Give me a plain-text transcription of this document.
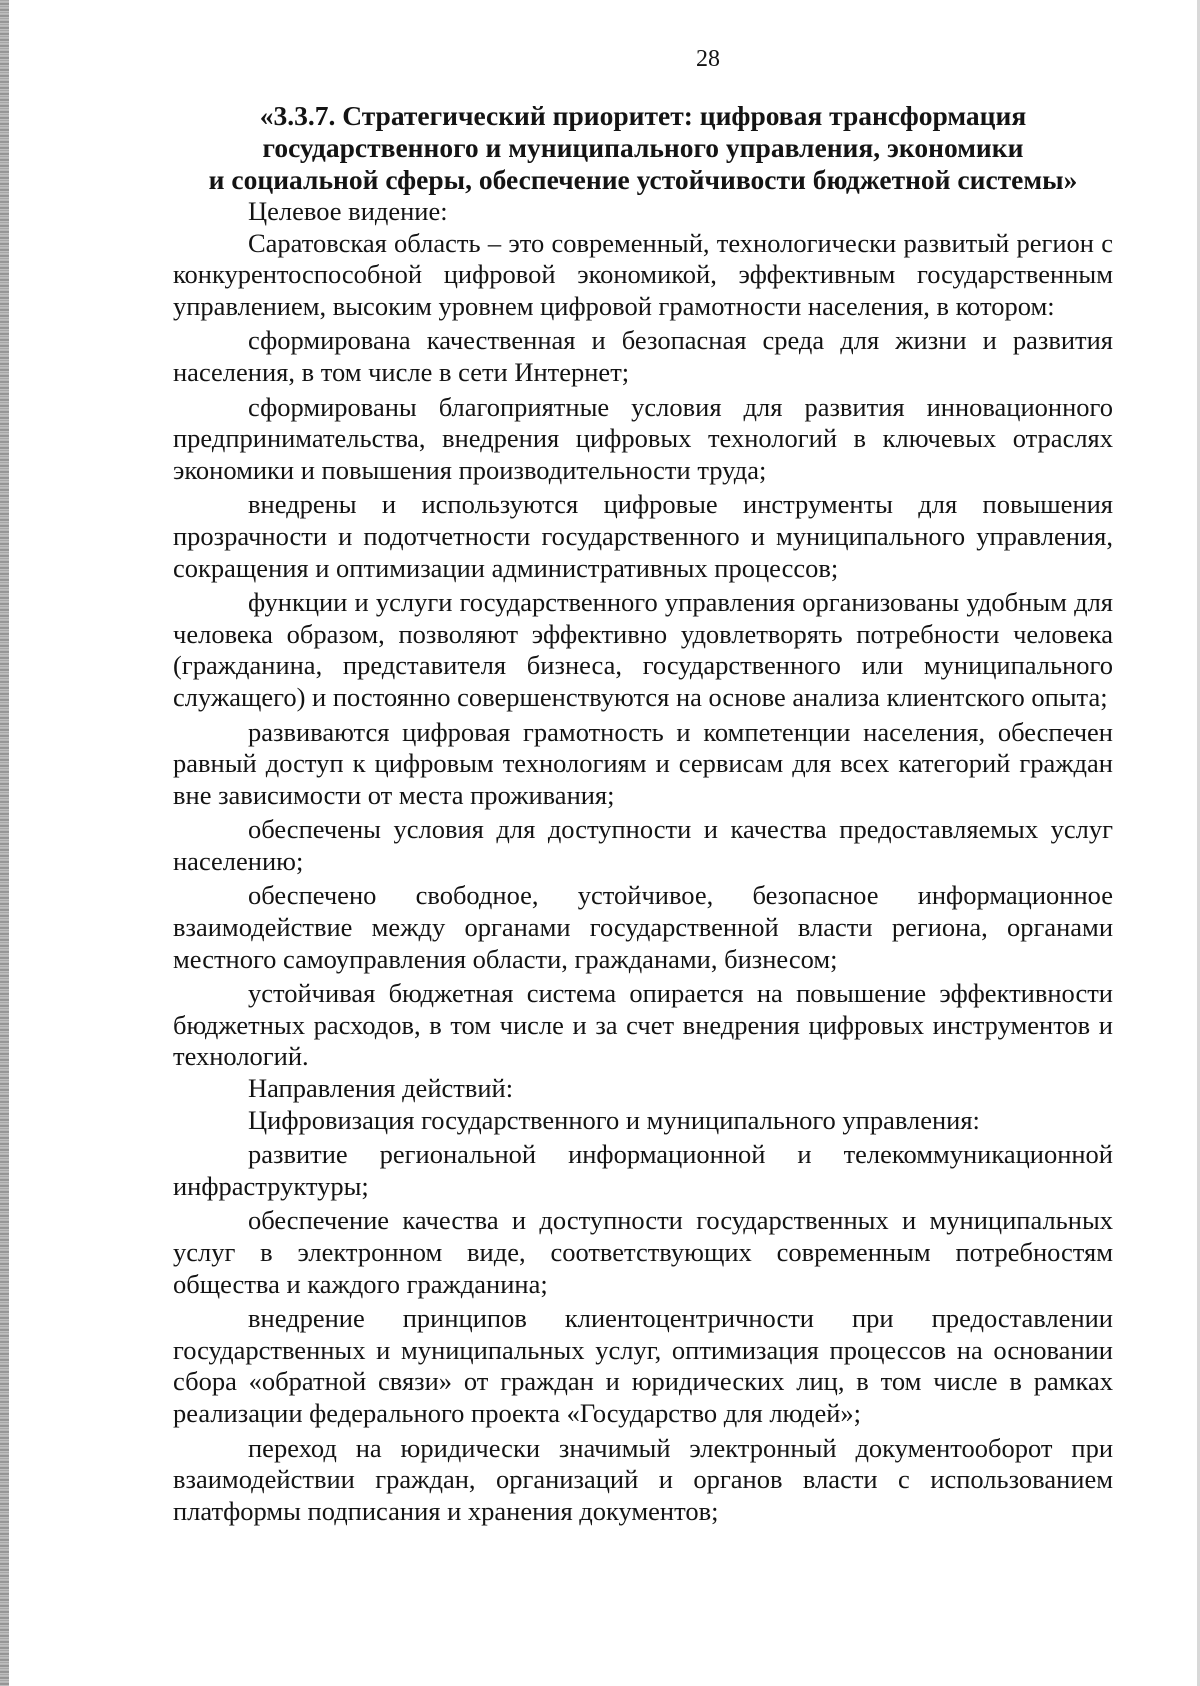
28
«3.3.7. Стратегический приоритет: цифровая трансформация
государственного и муниципального управления, экономики
и социальной сферы, обеспечение устойчивости бюджетной системы»

Целевое видение:

Саратовская область – это современный, технологически развитый регион с конкурентоспособной цифровой экономикой, эффективным государственным управлением, высоким уровнем цифровой грамотности населения, в котором:

сформирована качественная и безопасная среда для жизни и развития населения, в том числе в сети Интернет;

сформированы благоприятные условия для развития инновационного предпринимательства, внедрения цифровых технологий в ключевых отраслях экономики и повышения производительности труда;

внедрены и используются цифровые инструменты для повышения прозрачности и подотчетности государственного и муниципального управления, сокращения и оптимизации административных процессов;

функции и услуги государственного управления организованы удобным для человека образом, позволяют эффективно удовлетворять потребности человека (гражданина, представителя бизнеса, государственного или муниципального служащего) и постоянно совершенствуются на основе анализа клиентского опыта;

развиваются цифровая грамотность и компетенции населения, обеспечен равный доступ к цифровым технологиям и сервисам для всех категорий граждан вне зависимости от места проживания;

обеспечены условия для доступности и качества предоставляемых услуг населению;

обеспечено свободное, устойчивое, безопасное информационное взаимодействие между органами государственной власти региона, органами местного самоуправления области, гражданами, бизнесом;

устойчивая бюджетная система опирается на повышение эффективности бюджетных расходов, в том числе и за счет внедрения цифровых инструментов и технологий.

Направления действий:

Цифровизация государственного и муниципального управления:

развитие региональной информационной и телекоммуникационной инфраструктуры;

обеспечение качества и доступности государственных и муниципальных услуг в электронном виде, соответствующих современным потребностям общества и каждого гражданина;

внедрение принципов клиентоцентричности при предоставлении государственных и муниципальных услуг, оптимизация процессов на основании сбора «обратной связи» от граждан и юридических лиц, в том числе в рамках реализации федерального проекта «Государство для людей»;

переход на юридически значимый электронный документооборот при взаимодействии граждан, организаций и органов власти с использованием платформы подписания и хранения документов;
